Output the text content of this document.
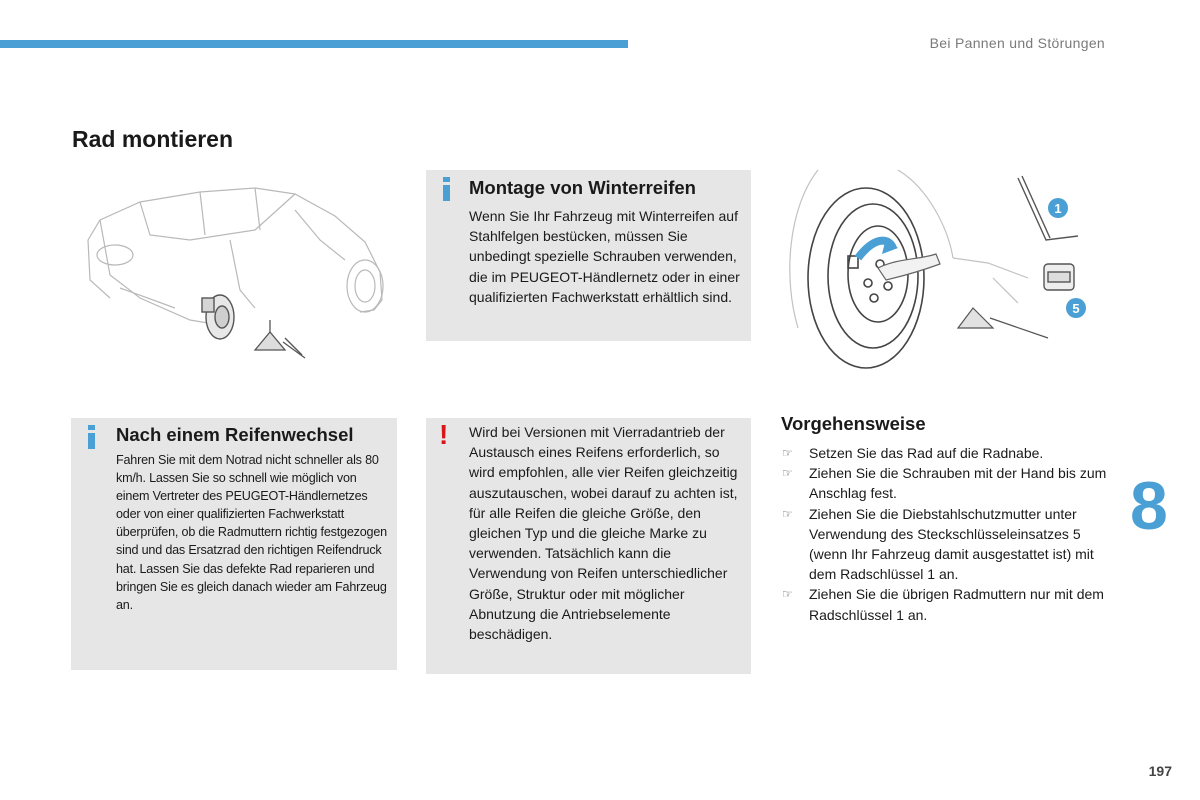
Bei Pannen und Störungen
Rad montieren
Montage von Winterreifen

Wenn Sie Ihr Fahrzeug mit Winterreifen auf Stahlfelgen bestücken, müssen Sie unbedingt spezielle Schrauben verwenden, die im PEUGEOT-Händlernetz oder in einer qualifizierten Fachwerkstatt erhältlich sind.

1
5
Nach einem Reifenwechsel

Fahren Sie mit dem Notrad nicht schneller als 80 km/h. Lassen Sie so schnell wie möglich von einem Vertreter des PEUGEOT-Händlernetzes oder von einer qualifizierten Fachwerkstatt überprüfen, ob die Radmuttern richtig festgezogen sind und das Ersatzrad den richtigen Reifendruck hat. Lassen Sie das defekte Rad reparieren und bringen Sie es gleich danach wieder am Fahrzeug an.

! Wird bei Versionen mit Vierradantrieb der Austausch eines Reifens erforderlich, so wird empfohlen, alle vier Reifen gleichzeitig auszutauschen, wobei darauf zu achten ist, für alle Reifen die gleiche Größe, den gleichen Typ und die gleiche Marke zu verwenden. Tatsächlich kann die Verwendung von Reifen unterschiedlicher Größe, Struktur oder mit möglicher Abnutzung die Antriebselemente beschädigen.

Vorgehensweise
☞ Setzen Sie das Rad auf die Radnabe.
☞ Ziehen Sie die Schrauben mit der Hand bis zum Anschlag fest.
☞ Ziehen Sie die Diebstahlschutzmutter unter Verwendung des Steckschlüsseleinsatzes 5 (wenn Ihr Fahrzeug damit ausgestattet ist) mit dem Radschlüssel 1 an.
☞ Ziehen Sie die übrigen Radmuttern nur mit dem Radschlüssel 1 an.
8
197
